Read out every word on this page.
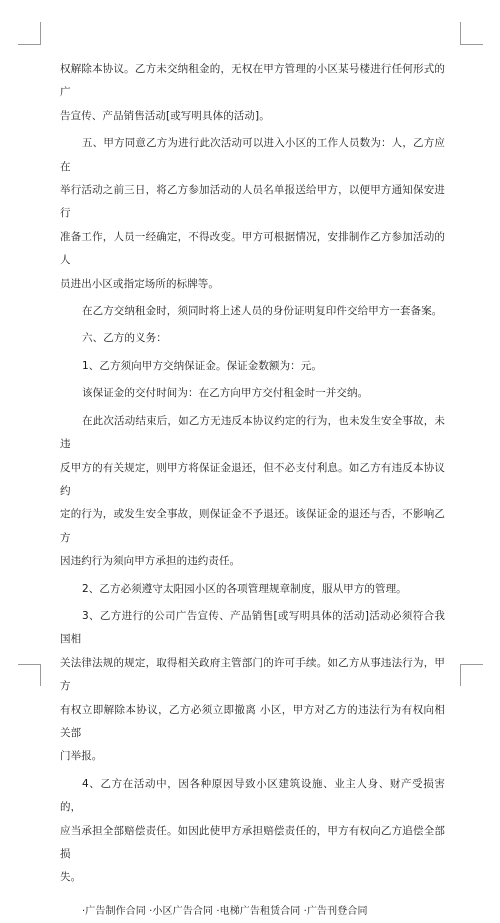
权解除本协议。乙方未交纳租金的，无权在甲方管理的小区某号楼进行任何形式的广
告宣传、产品销售活动[或写明具体的活动]。
五、甲方同意乙方为进行此次活动可以进入小区的工作人员数为：人，乙方应在
举行活动之前三日，将乙方参加活动的人员名单报送给甲方，以便甲方通知保安进行
准备工作，人员一经确定，不得改变。甲方可根据情况，安排制作乙方参加活动的人
员进出小区或指定场所的标牌等。
在乙方交纳租金时，须同时将上述人员的身份证明复印件交给甲方一套备案。
六、乙方的义务：
1、乙方须向甲方交纳保证金。保证金数额为：元。
该保证金的交付时间为：在乙方向甲方交付租金时一并交纳。
在此次活动结束后，如乙方无违反本协议约定的行为，也未发生安全事故，未违
反甲方的有关规定，则甲方将保证金退还，但不必支付利息。如乙方有违反本协议约
定的行为，或发生安全事故，则保证金不予退还。该保证金的退还与否，不影响乙方
因违约行为须向甲方承担的违约责任。
2、乙方必须遵守太阳园小区的各项管理规章制度，服从甲方的管理。
3、乙方进行的公司广告宣传、产品销售[或写明具体的活动]活动必须符合我国相
关法律法规的规定，取得相关政府主管部门的许可手续。如乙方从事违法行为，甲方
有权立即解除本协议，乙方必须立即撤离 小区，甲方对乙方的违法行为有权向相关部
门举报。
4、乙方在活动中，因各种原因导致小区建筑设施、业主人身、财产受损害的，
应当承担全部赔偿责任。如因此使甲方承担赔偿责任的，甲方有权向乙方追偿全部损
失。
·广告制作合同 ·小区广告合同 ·电梯广告租赁合同 ·广告刊登合同
